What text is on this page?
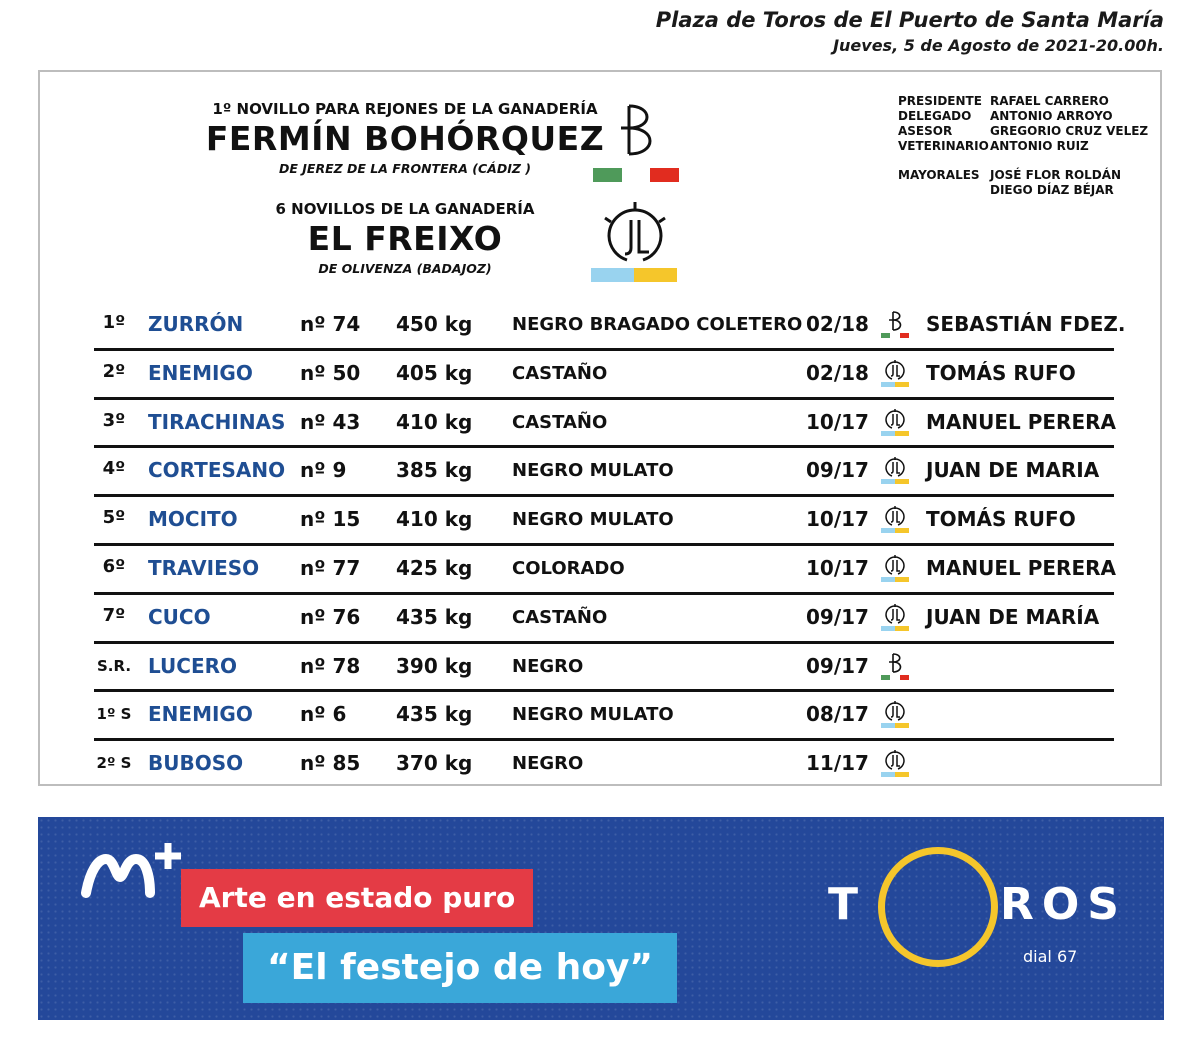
Plaza de Toros de El Puerto de Santa María
Jueves, 5 de Agosto de 2021-20.00h.
1º NOVILLO PARA REJONES DE LA GANADERÍA
FERMÍN BOHÓRQUEZ
DE JEREZ DE LA FRONTERA (CÁDIZ )
6 NOVILLOS DE LA GANADERÍA
EL FREIXO
DE OLIVENZA (BADAJOZ)
PRESIDENTE RAFAEL CARRERO
DELEGADO	ANTONIO ARROYO
ASESOR	GREGORIO CRUZ VELEZ
VETERINARIO ANTONIO RUIZ
MAYORALES JOSÉ FLOR ROLDÁN
DIEGO DÍAZ BÉJAR
1º	ZURRÓN	nº 74 450 kg NEGRO BRAGADO COLETERO 02/18	SEBASTIÁN FDEZ.
2º	ENEMIGO nº 50 405 kg CASTAÑO	02/18	TOMÁS RUFO
3º	TIRACHINAS nº 43 410 kg CASTAÑO	10/17	MANUEL PERERA
4º	CORTESANO nº 9 385 kg NEGRO MULATO	09/17	JUAN DE MARIA
5º	MOCITO	nº 15 410 kg NEGRO MULATO	10/17	TOMÁS RUFO
6º	TRAVIESO nº 77 425 kg COLORADO	10/17	MANUEL PERERA
7º	CUCO	nº 76 435 kg CASTAÑO	09/17	JUAN DE MARÍA
S.R. LUCERO	nº 78 390 kg NEGRO	09/17
1º S ENEMIGO nº 6 435 kg NEGRO MULATO	08/17
2º S BUBOSO	nº 85 370 kg NEGRO	11/17
Arte en estado puro
“El festejo de hoy”
T	ROS
dial 67
